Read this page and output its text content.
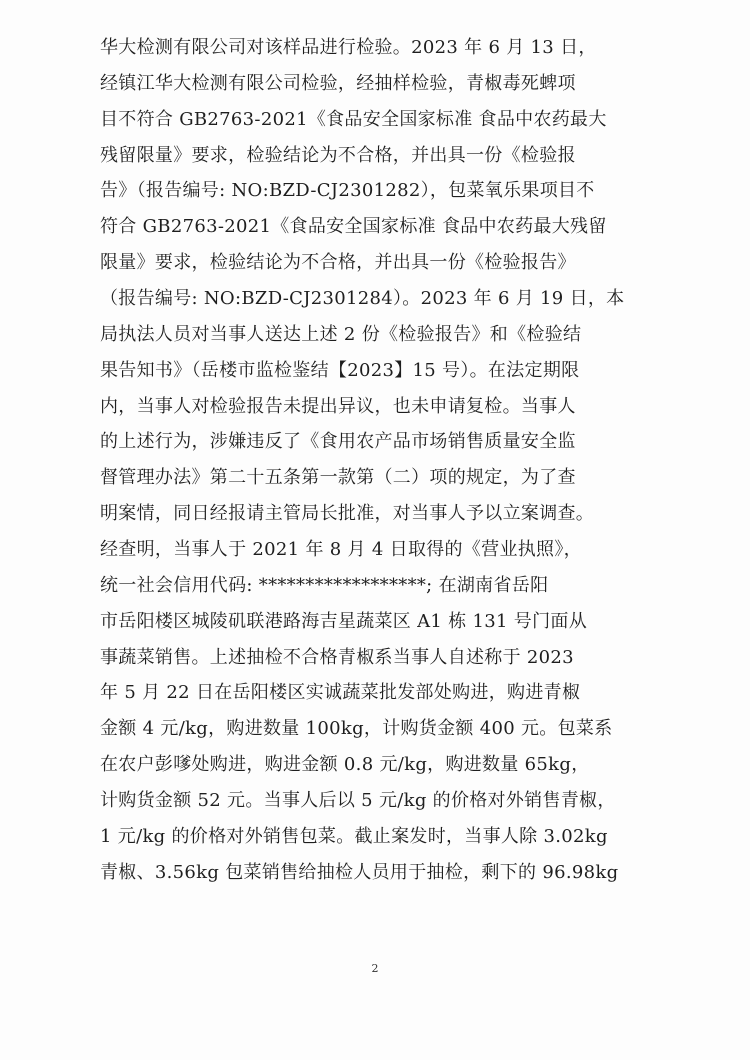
华大检测有限公司对该样品进行检验。2023 年 6 月 13 日，
经镇江华大检测有限公司检验，经抽样检验，青椒毒死蜱项
目不符合 GB2763-2021《食品安全国家标准 食品中农药最大
残留限量》要求，检验结论为不合格，并出具一份《检验报
告》（报告编号: NO:BZD-CJ2301282），包菜氧乐果项目不
符合 GB2763-2021《食品安全国家标准 食品中农药最大残留
限量》要求，检验结论为不合格，并出具一份《检验报告》
（报告编号: NO:BZD-CJ2301284）。2023 年 6 月 19 日，本
局执法人员对当事人送达上述 2 份《检验报告》和《检验结
果告知书》（岳楼市监检鉴结【2023】15 号）。在法定期限
内，当事人对检验报告未提出异议，也未申请复检。当事人
的上述行为，涉嫌违反了《食用农产品市场销售质量安全监
督管理办法》第二十五条第一款第（二）项的规定，为了查
明案情，同日经报请主管局长批准，对当事人予以立案调查。
经查明，当事人于 2021 年 8 月 4 日取得的《营业执照》，
统一社会信用代码: ******************; 在湖南省岳阳
市岳阳楼区城陵矶联港路海吉星蔬菜区 A1 栋 131 号门面从
事蔬菜销售。上述抽检不合格青椒系当事人自述称于 2023
年 5 月 22 日在岳阳楼区实诚蔬菜批发部处购进，购进青椒
金额 4 元/kg，购进数量 100kg，计购货金额 400 元。包菜系
在农户彭嗲处购进，购进金额 0.8 元/kg，购进数量 65kg，
计购货金额 52 元。当事人后以 5 元/kg 的价格对外销售青椒，
1 元/kg 的价格对外销售包菜。截止案发时，当事人除 3.02kg
青椒、3.56kg 包菜销售给抽检人员用于抽检，剩下的 96.98kg
2
